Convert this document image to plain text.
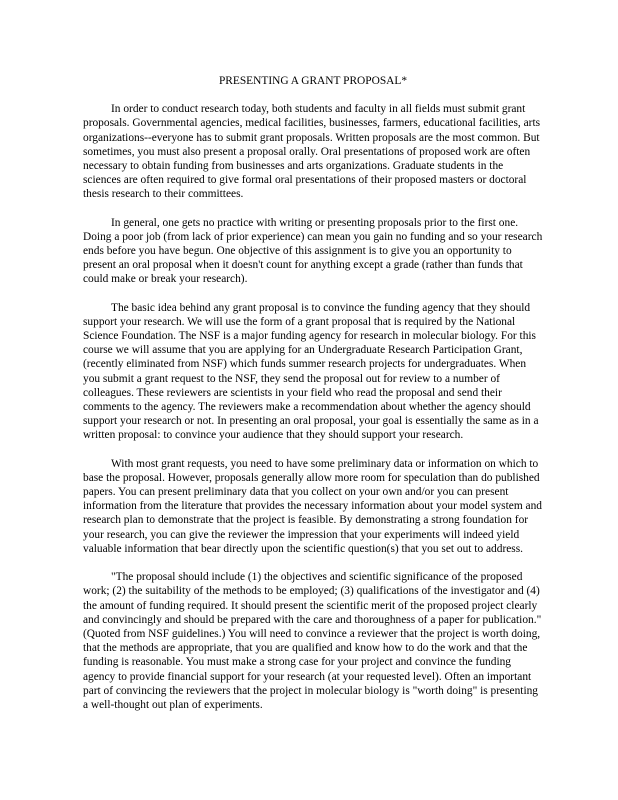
PRESENTING A GRANT PROPOSAL*

In order to conduct research today, both students and faculty in all fields must submit grant proposals. Governmental agencies, medical facilities, businesses, farmers, educational facilities, arts organizations--everyone has to submit grant proposals. Written proposals are the most common. But sometimes, you must also present a proposal orally. Oral presentations of proposed work are often necessary to obtain funding from businesses and arts organizations. Graduate students in the sciences are often required to give formal oral presentations of their proposed masters or doctoral thesis research to their committees.

In general, one gets no practice with writing or presenting proposals prior to the first one. Doing a poor job (from lack of prior experience) can mean you gain no funding and so your research ends before you have begun. One objective of this assignment is to give you an opportunity to present an oral proposal when it doesn't count for anything except a grade (rather than funds that could make or break your research).

The basic idea behind any grant proposal is to convince the funding agency that they should support your research. We will use the form of a grant proposal that is required by the National Science Foundation. The NSF is a major funding agency for research in molecular biology. For this course we will assume that you are applying for an Undergraduate Research Participation Grant, (recently eliminated from NSF) which funds summer research projects for undergraduates. When you submit a grant request to the NSF, they send the proposal out for review to a number of colleagues. These reviewers are scientists in your field who read the proposal and send their comments to the agency. The reviewers make a recommendation about whether the agency should support your research or not. In presenting an oral proposal, your goal is essentially the same as in a written proposal: to convince your audience that they should support your research.

With most grant requests, you need to have some preliminary data or information on which to base the proposal. However, proposals generally allow more room for speculation than do published papers. You can present preliminary data that you collect on your own and/or you can present information from the literature that provides the necessary information about your model system and research plan to demonstrate that the project is feasible. By demonstrating a strong foundation for your research, you can give the reviewer the impression that your experiments will indeed yield valuable information that bear directly upon the scientific question(s) that you set out to address.

"The proposal should include (1) the objectives and scientific significance of the proposed work; (2) the suitability of the methods to be employed; (3) qualifications of the investigator and (4) the amount of funding required. It should present the scientific merit of the proposed project clearly and convincingly and should be prepared with the care and thoroughness of a paper for publication." (Quoted from NSF guidelines.) You will need to convince a reviewer that the project is worth doing, that the methods are appropriate, that you are qualified and know how to do the work and that the funding is reasonable. You must make a strong case for your project and convince the funding agency to provide financial support for your research (at your requested level). Often an important part of convincing the reviewers that the project in molecular biology is "worth doing" is presenting a well-thought out plan of experiments.
